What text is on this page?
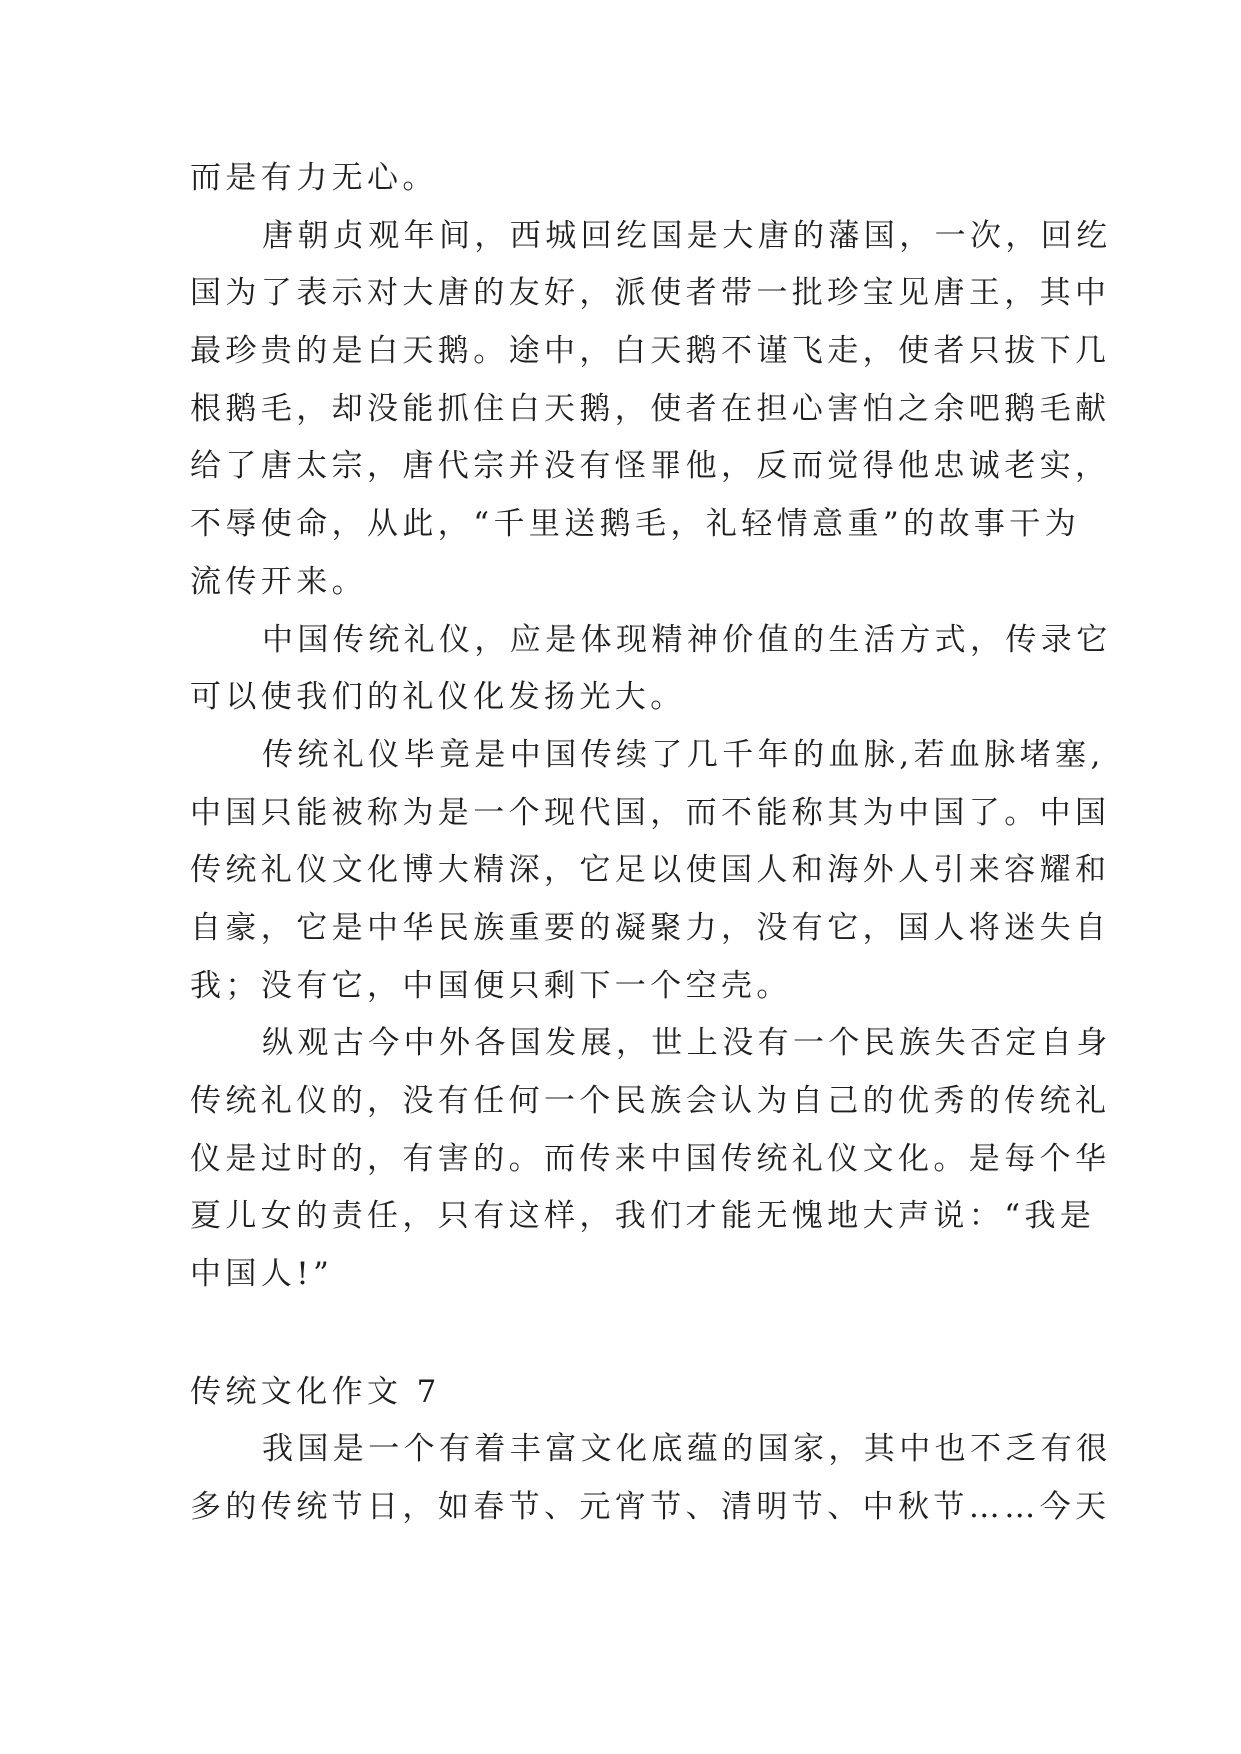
而是有力无心。
唐朝贞观年间，西城回纥国是大唐的藩国，一次，回纥
国为了表示对大唐的友好，派使者带一批珍宝见唐王，其中
最珍贵的是白天鹅。途中，白天鹅不谨飞走，使者只拔下几
根鹅毛，却没能抓住白天鹅，使者在担心害怕之余吧鹅毛献
给了唐太宗，唐代宗并没有怪罪他，反而觉得他忠诚老实，
不辱使命，从此，“千里送鹅毛，礼轻情意重”的故事干为
流传开来。
中国传统礼仪，应是体现精神价值的生活方式，传录它
可以使我们的礼仪化发扬光大。
传统礼仪毕竟是中国传续了几千年的血脉,若血脉堵塞,
中国只能被称为是一个现代国，而不能称其为中国了。中国
传统礼仪文化博大精深，它足以使国人和海外人引来容耀和
自豪，它是中华民族重要的凝聚力，没有它，国人将迷失自
我；没有它，中国便只剩下一个空壳。
纵观古今中外各国发展，世上没有一个民族失否定自身
传统礼仪的，没有任何一个民族会认为自己的优秀的传统礼
仪是过时的，有害的。而传来中国传统礼仪文化。是每个华
夏儿女的责任，只有这样，我们才能无愧地大声说：“我是
中国人!”
传统文化作文 7
我国是一个有着丰富文化底蕴的国家，其中也不乏有很
多的传统节日，如春节、元宵节、清明节、中秋节……今天
